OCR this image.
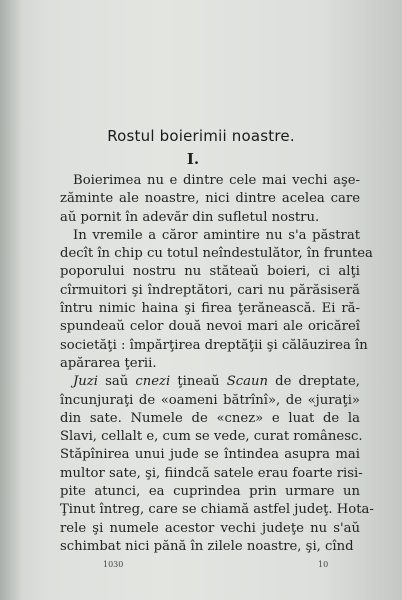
Rostul boierimii noastre.
I.
Boierimea nu e dintre cele mai vechi aşe-
zăminte ale noastre, nici dintre acelea care
aŭ pornit în adevăr din sufletul nostru.
In vremile a căror amintire nu s'a păstrat
decît în chip cu totul neîndestulător, în fruntea
poporului nostru nu stăteaŭ boieri, ci alţi
cîrmuitori şi îndreptători, cari nu părăsiseră
întru nimic haina şi firea ţerănească. Ei ră-
spundeaŭ celor două nevoi mari ale oricăreî
societăţi : împărţirea dreptăţii şi călăuzirea în
apărarea ţerii.
Juzi saŭ cnezi ţineaŭ Scaun de dreptate,
încunjuraţi de «oameni bătrînî», de «juraţi»
din sate. Numele de «cnez» e luat de la
Slavi, cellalt e, cum se vede, curat românesc.
Stăpînirea unui jude se întindea asupra mai
multor sate, şi, fiindcă satele erau foarte risi-
pite atunci, ea cuprindea prin urmare un
Ţinut întreg, care se chiamă astfel judeţ. Hota-
rele şi numele acestor vechi judeţe nu s'aŭ
schimbat nici pănă în zilele noastre, şi, cînd
1030	10
